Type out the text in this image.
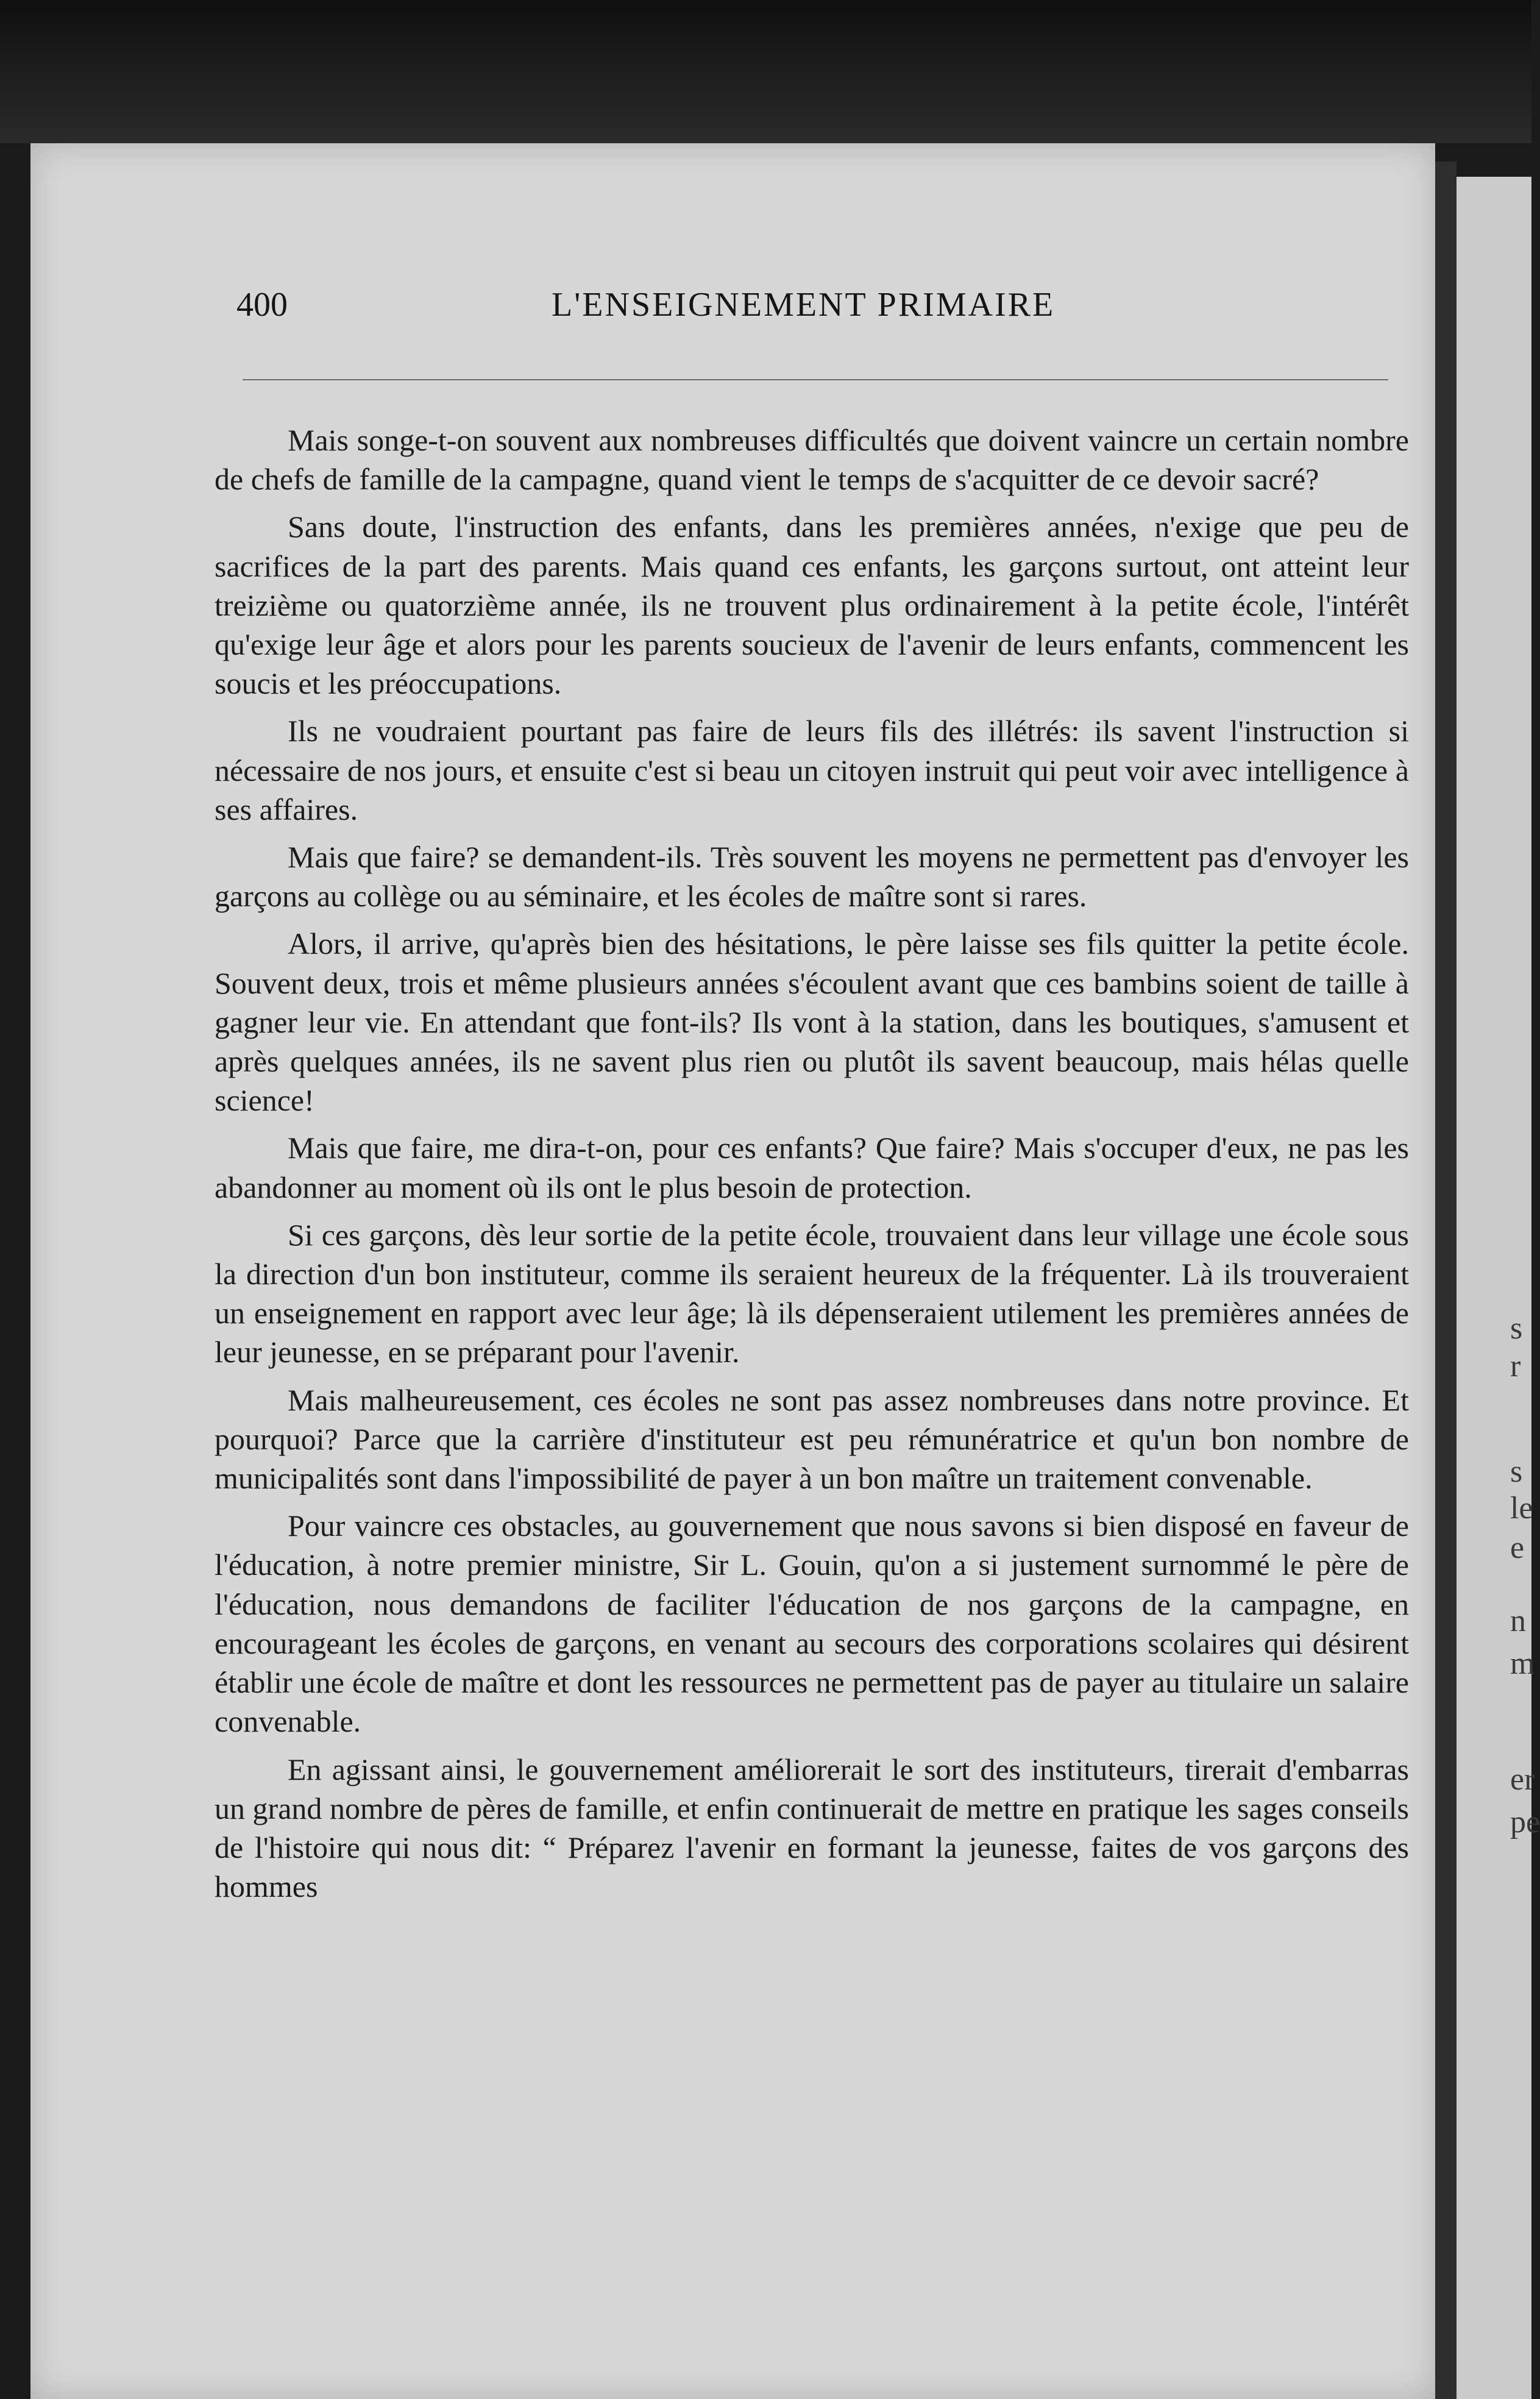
s
r
s
le
e
n
m
er
pe
400	L'ENSEIGNEMENT PRIMAIRE

Mais songe-t-on souvent aux nombreuses difficultés que doivent vaincre un certain nombre de chefs de famille de la campagne, quand vient le temps de s'acquitter de ce devoir sacré?

Sans doute, l'instruction des enfants, dans les premières années, n'exige que peu de sacrifices de la part des parents. Mais quand ces enfants, les garçons surtout, ont atteint leur treizième ou quatorzième année, ils ne trouvent plus ordinairement à la petite école, l'intérêt qu'exige leur âge et alors pour les parents soucieux de l'avenir de leurs enfants, commencent les soucis et les préoccupations.

Ils ne voudraient pourtant pas faire de leurs fils des illétrés: ils savent l'instruction si nécessaire de nos jours, et ensuite c'est si beau un citoyen instruit qui peut voir avec intelligence à ses affaires.

Mais que faire? se demandent-ils. Très souvent les moyens ne permettent pas d'envoyer les garçons au collège ou au séminaire, et les écoles de maître sont si rares.

Alors, il arrive, qu'après bien des hésitations, le père laisse ses fils quitter la petite école. Souvent deux, trois et même plusieurs années s'écoulent avant que ces bambins soient de taille à gagner leur vie. En attendant que font-ils? Ils vont à la station, dans les boutiques, s'amusent et après quelques années, ils ne savent plus rien ou plutôt ils savent beaucoup, mais hélas quelle science!

Mais que faire, me dira-t-on, pour ces enfants? Que faire? Mais s'occuper d'eux, ne pas les abandonner au moment où ils ont le plus besoin de protection.

Si ces garçons, dès leur sortie de la petite école, trouvaient dans leur village une école sous la direction d'un bon instituteur, comme ils seraient heureux de la fréquenter. Là ils trouveraient un enseignement en rapport avec leur âge; là ils dépenseraient utilement les premières années de leur jeunesse, en se préparant pour l'avenir.

Mais malheureusement, ces écoles ne sont pas assez nombreuses dans notre province. Et pourquoi? Parce que la carrière d'instituteur est peu rémunératrice et qu'un bon nombre de municipalités sont dans l'impossibilité de payer à un bon maître un traitement convenable.

Pour vaincre ces obstacles, au gouvernement que nous savons si bien disposé en faveur de l'éducation, à notre premier ministre, Sir L. Gouin, qu'on a si justement surnommé le père de l'éducation, nous demandons de faciliter l'éducation de nos garçons de la campagne, en encourageant les écoles de garçons, en venant au secours des corporations scolaires qui désirent établir une école de maître et dont les ressources ne permettent pas de payer au titulaire un salaire convenable.

En agissant ainsi, le gouvernement améliorerait le sort des instituteurs, tirerait d'embarras un grand nombre de pères de famille, et enfin continuerait de mettre en pratique les sages conseils de l'histoire qui nous dit: “ Préparez l'avenir en formant la jeunesse, faites de vos garçons des hommes
